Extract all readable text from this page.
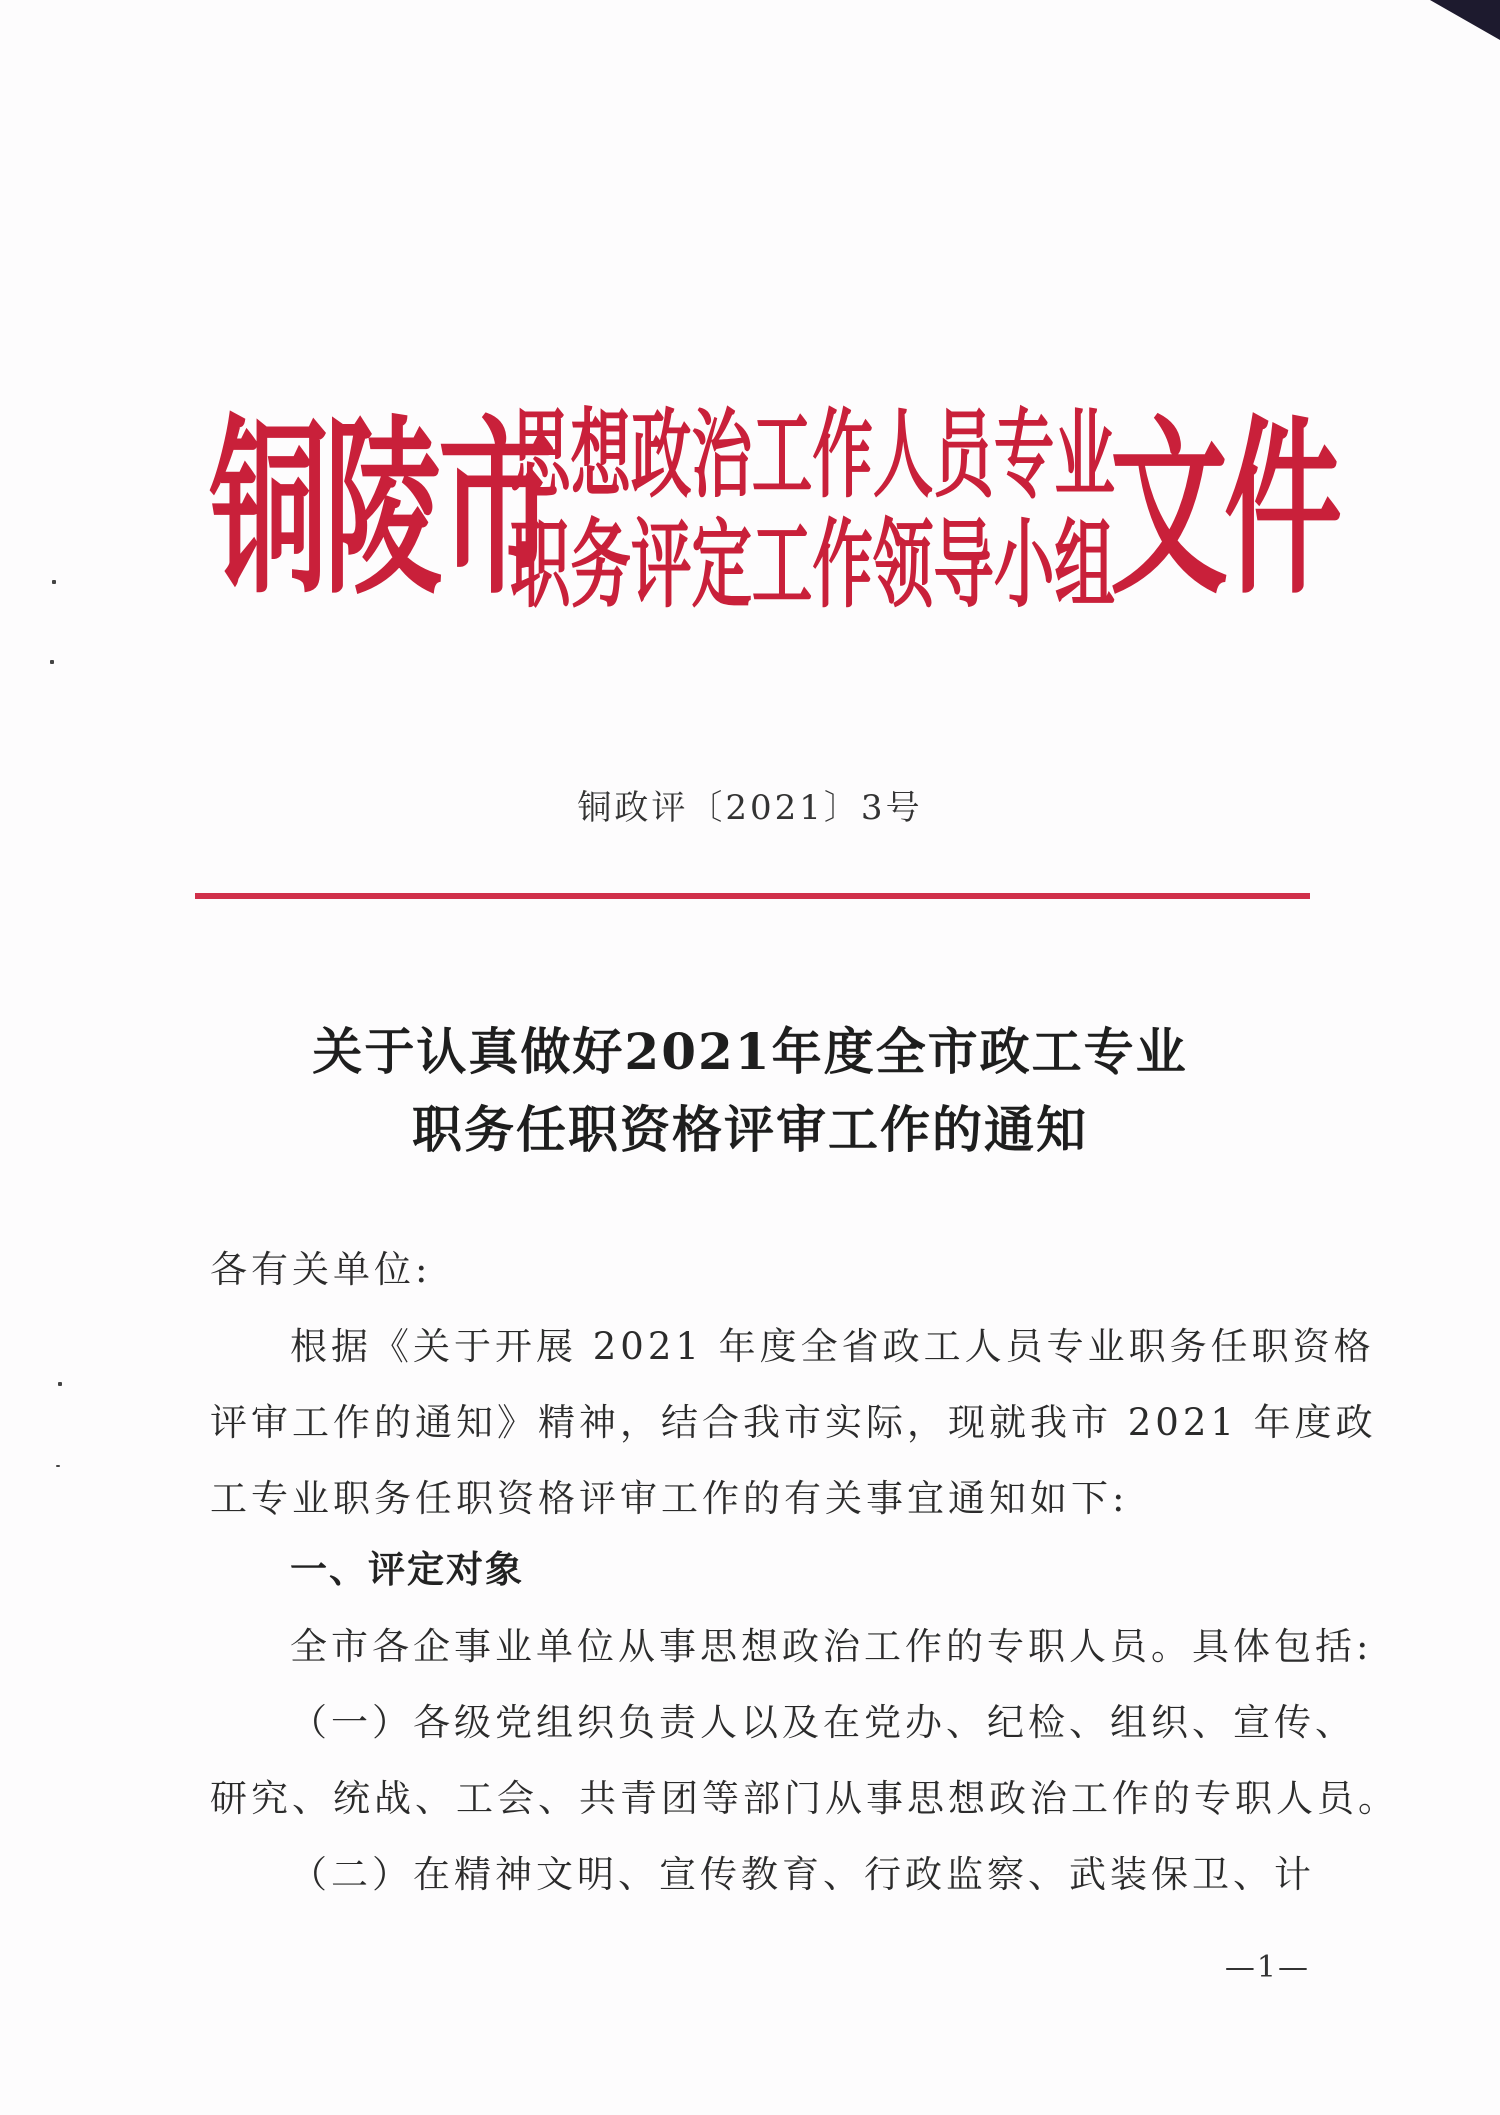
铜陵市
思想政治工作人员专业
职务评定工作领导小组
文件
铜政评〔2021〕3号
关于认真做好2021年度全市政工专业
职务任职资格评审工作的通知
各有关单位:
根据《关于开展 2021 年度全省政工人员专业职务任职资格
评审工作的通知》精神，结合我市实际，现就我市 2021 年度政
工专业职务任职资格评审工作的有关事宜通知如下:
一、评定对象
全市各企事业单位从事思想政治工作的专职人员。具体包括:
（一）各级党组织负责人以及在党办、纪检、组织、宣传、
研究、统战、工会、共青团等部门从事思想政治工作的专职人员。
（二）在精神文明、宣传教育、行政监察、武装保卫、计
—1—
